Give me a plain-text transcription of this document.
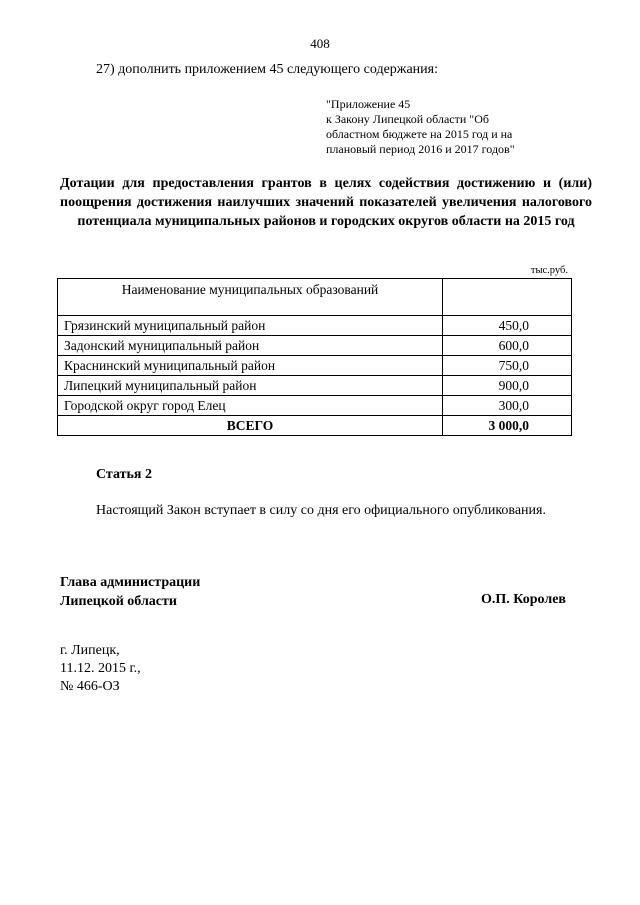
408
27) дополнить приложением 45 следующего содержания:
"Приложение 45
к Закону Липецкой области "Об
областном бюджете на 2015 год и на
плановый период 2016 и 2017 годов"
Дотации для предоставления грантов в целях содействия достижению и (или) поощрения достижения наилучших значений показателей увеличения налогового потенциала муниципальных районов и городских округов области на 2015 год
тыс.руб.
Наименование муниципальных образований	
Грязинский муниципальный район	450,0
Задонский муниципальный район	600,0
Краснинский муниципальный район	750,0
Липецкий муниципальный район	900,0
Городской округ город Елец	300,0
ВСЕГО	3 000,0
Статья 2
Настоящий Закон вступает в силу со дня его официального опубликования.
Глава администрации
Липецкой области	О.П. Королев
г. Липецк,
11.12. 2015 г.,
№ 466-ОЗ
